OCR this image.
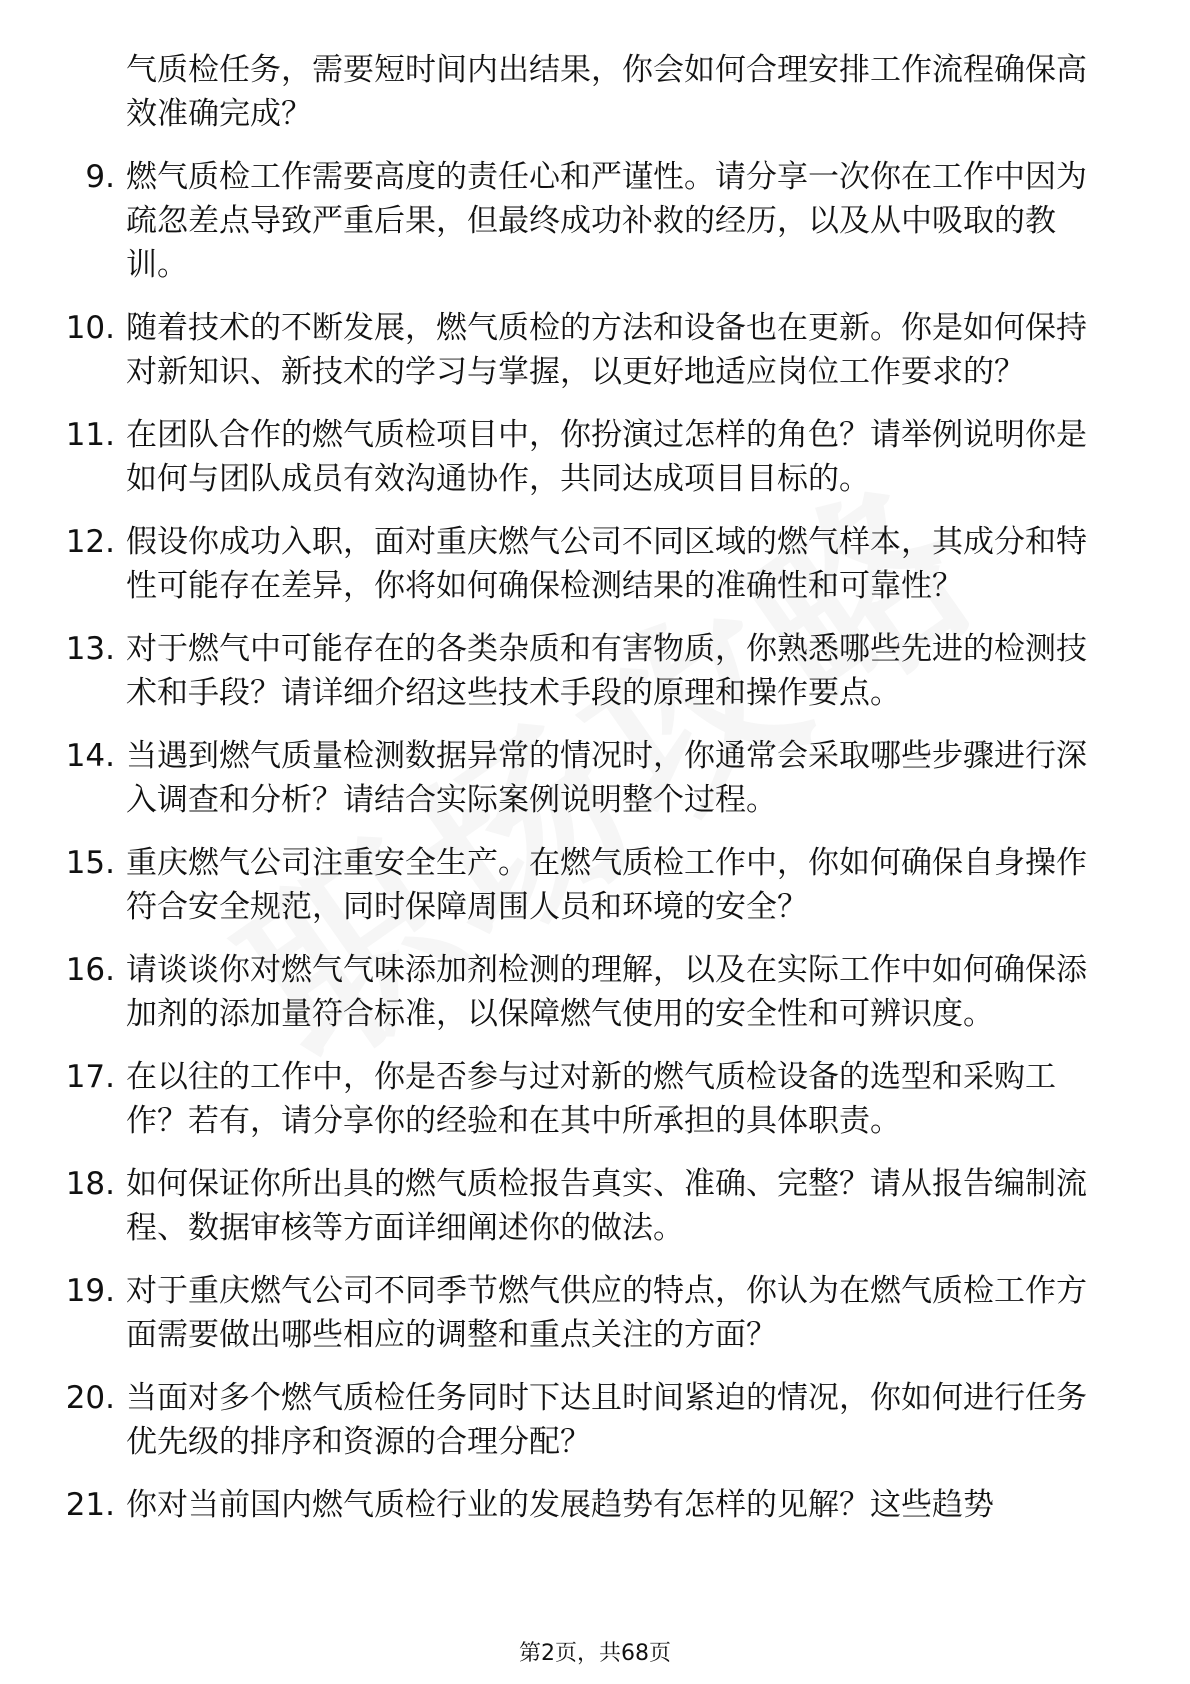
气质检任务，需要短时间内出结果，你会如何合理安排工作流程确保高效准确完成？
9. 燃气质检工作需要高度的责任心和严谨性。请分享一次你在工作中因为疏忽差点导致严重后果，但最终成功补救的经历，以及从中吸取的教训。
10. 随着技术的不断发展，燃气质检的方法和设备也在更新。你是如何保持对新知识、新技术的学习与掌握，以更好地适应岗位工作要求的？
11. 在团队合作的燃气质检项目中，你扮演过怎样的角色？请举例说明你是如何与团队成员有效沟通协作，共同达成项目目标的。
12. 假设你成功入职，面对重庆燃气公司不同区域的燃气样本，其成分和特性可能存在差异，你将如何确保检测结果的准确性和可靠性？
13. 对于燃气中可能存在的各类杂质和有害物质，你熟悉哪些先进的检测技术和手段？请详细介绍这些技术手段的原理和操作要点。
14. 当遇到燃气质量检测数据异常的情况时，你通常会采取哪些步骤进行深入调查和分析？请结合实际案例说明整个过程。
15. 重庆燃气公司注重安全生产。在燃气质检工作中，你如何确保自身操作符合安全规范，同时保障周围人员和环境的安全？
16. 请谈谈你对燃气气味添加剂检测的理解，以及在实际工作中如何确保添加剂的添加量符合标准，以保障燃气使用的安全性和可辨识度。
17. 在以往的工作中，你是否参与过对新的燃气质检设备的选型和采购工作？若有，请分享你的经验和在其中所承担的具体职责。
18. 如何保证你所出具的燃气质检报告真实、准确、完整？请从报告编制流程、数据审核等方面详细阐述你的做法。
19. 对于重庆燃气公司不同季节燃气供应的特点，你认为在燃气质检工作方面需要做出哪些相应的调整和重点关注的方面？
20. 当面对多个燃气质检任务同时下达且时间紧迫的情况，你如何进行任务优先级的排序和资源的合理分配？
21. 你对当前国内燃气质检行业的发展趋势有怎样的见解？这些趋势
第2页，共68页
